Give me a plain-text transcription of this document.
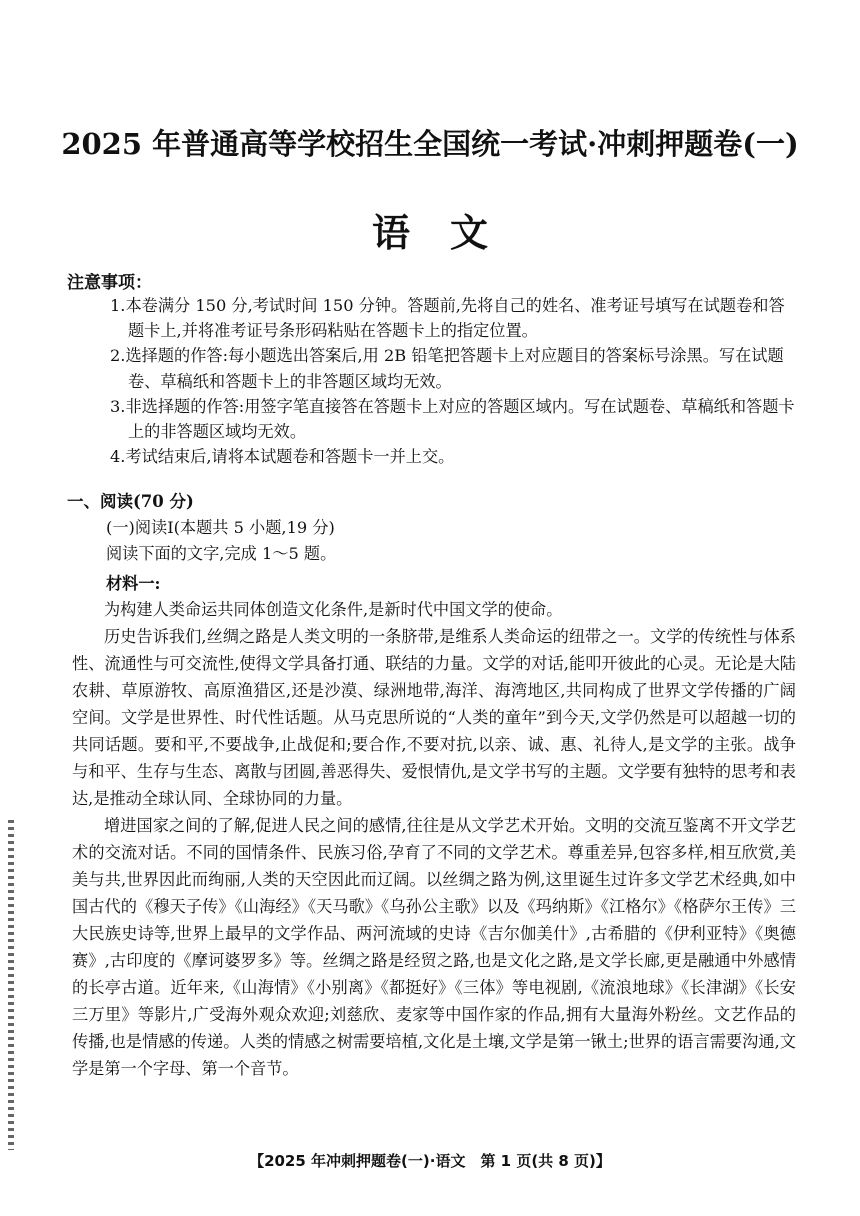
2025 年普通高等学校招生全国统一考试·冲刺押题卷(一)
语文
注意事项：
1.本卷满分 150 分,考试时间 150 分钟。答题前,先将自己的姓名、准考证号填写在试题卷和答题卡上,并将准考证号条形码粘贴在答题卡上的指定位置。
2.选择题的作答:每小题选出答案后,用 2B 铅笔把答题卡上对应题目的答案标号涂黑。写在试题卷、草稿纸和答题卡上的非答题区域均无效。
3.非选择题的作答:用签字笔直接答在答题卡上对应的答题区域内。写在试题卷、草稿纸和答题卡上的非答题区域均无效。
4.考试结束后,请将本试题卷和答题卡一并上交。
一、阅读(70 分)
(一)阅读Ⅰ(本题共 5 小题,19 分)
阅读下面的文字,完成 1～5 题。
材料一:

为构建人类命运共同体创造文化条件,是新时代中国文学的使命。

历史告诉我们,丝绸之路是人类文明的一条脐带,是维系人类命运的纽带之一。文学的传统性与体系性、流通性与可交流性,使得文学具备打通、联结的力量。文学的对话,能叩开彼此的心灵。无论是大陆农耕、草原游牧、高原渔猎区,还是沙漠、绿洲地带,海洋、海湾地区,共同构成了世界文学传播的广阔空间。文学是世界性、时代性话题。从马克思所说的“人类的童年”到今天,文学仍然是可以超越一切的共同话题。要和平,不要战争,止战促和;要合作,不要对抗,以亲、诚、惠、礼待人,是文学的主张。战争与和平、生存与生态、离散与团圆,善恶得失、爱恨情仇,是文学书写的主题。文学要有独特的思考和表达,是推动全球认同、全球协同的力量。

增进国家之间的了解,促进人民之间的感情,往往是从文学艺术开始。文明的交流互鉴离不开文学艺术的交流对话。不同的国情条件、民族习俗,孕育了不同的文学艺术。尊重差异,包容多样,相互欣赏,美美与共,世界因此而绚丽,人类的天空因此而辽阔。以丝绸之路为例,这里诞生过许多文学艺术经典,如中国古代的《穆天子传》《山海经》《天马歌》《乌孙公主歌》以及《玛纳斯》《江格尔》《格萨尔王传》三大民族史诗等,世界上最早的文学作品、两河流域的史诗《吉尔伽美什》,古希腊的《伊利亚特》《奥德赛》,古印度的《摩诃婆罗多》等。丝绸之路是经贸之路,也是文化之路,是文学长廊,更是融通中外感情的长亭古道。近年来,《山海情》《小别离》《都挺好》《三体》等电视剧,《流浪地球》《长津湖》《长安三万里》等影片,广受海外观众欢迎;刘慈欣、麦家等中国作家的作品,拥有大量海外粉丝。文艺作品的传播,也是情感的传递。人类的情感之树需要培植,文化是土壤,文学是第一锹土;世界的语言需要沟通,文学是第一个字母、第一个音节。

【2025 年冲刺押题卷(一)·语文　第 1 页(共 8 页)】
